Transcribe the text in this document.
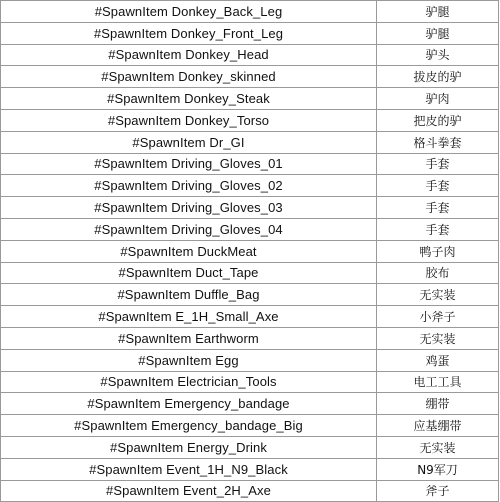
#SpawnItem Donkey_Back_Leg	驴腿
#SpawnItem Donkey_Front_Leg	驴腿
#SpawnItem Donkey_Head	驴头
#SpawnItem Donkey_skinned	拔皮的驴
#SpawnItem Donkey_Steak	驴肉
#SpawnItem Donkey_Torso	把皮的驴
#SpawnItem Dr_GI	格斗拳套
#SpawnItem Driving_Gloves_01	手套
#SpawnItem Driving_Gloves_02	手套
#SpawnItem Driving_Gloves_03	手套
#SpawnItem Driving_Gloves_04	手套
#SpawnItem DuckMeat	鸭子肉
#SpawnItem Duct_Tape	胶布
#SpawnItem Duffle_Bag	无实装
#SpawnItem E_1H_Small_Axe	小斧子
#SpawnItem Earthworm	无实装
#SpawnItem Egg	鸡蛋
#SpawnItem Electrician_Tools	电工工具
#SpawnItem Emergency_bandage	绷带
#SpawnItem Emergency_bandage_Big	应基绷带
#SpawnItem Energy_Drink	无实装
#SpawnItem Event_1H_N9_Black	N9军刀
#SpawnItem Event_2H_Axe	斧子
